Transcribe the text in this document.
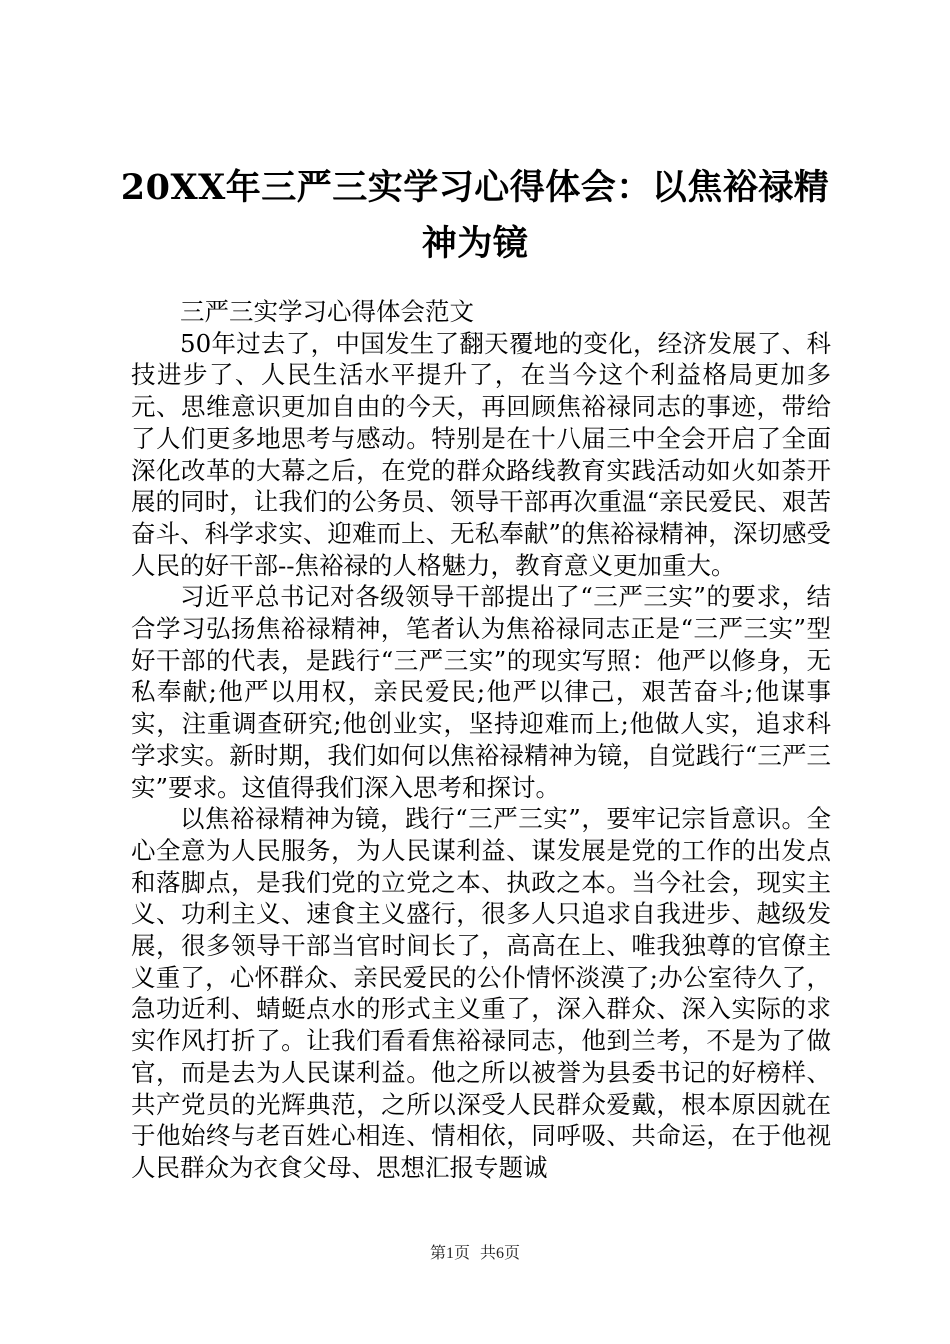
20XX年三严三实学习心得体会：以焦裕禄精神为镜

三严三实学习心得体会范文

50年过去了，中国发生了翻天覆地的变化，经济发展了、科技进步了、人民生活水平提升了，在当今这个利益格局更加多元、思维意识更加自由的今天，再回顾焦裕禄同志的事迹，带给了人们更多地思考与感动。特别是在十八届三中全会开启了全面深化改革的大幕之后，在党的群众路线教育实践活动如火如荼开展的同时，让我们的公务员、领导干部再次重温“亲民爱民、艰苦奋斗、科学求实、迎难而上、无私奉献”的焦裕禄精神，深切感受人民的好干部--焦裕禄的人格魅力，教育意义更加重大。

习近平总书记对各级领导干部提出了“三严三实”的要求，结合学习弘扬焦裕禄精神，笔者认为焦裕禄同志正是“三严三实”型好干部的代表，是践行“三严三实”的现实写照：他严以修身，无私奉献;他严以用权，亲民爱民;他严以律己，艰苦奋斗;他谋事实，注重调查研究;他创业实，坚持迎难而上;他做人实，追求科学求实。新时期，我们如何以焦裕禄精神为镜，自觉践行“三严三实”要求。这值得我们深入思考和探讨。

以焦裕禄精神为镜，践行“三严三实”，要牢记宗旨意识。全心全意为人民服务，为人民谋利益、谋发展是党的工作的出发点和落脚点，是我们党的立党之本、执政之本。当今社会，现实主义、功利主义、速食主义盛行，很多人只追求自我进步、越级发展，很多领导干部当官时间长了，高高在上、唯我独尊的官僚主义重了，心怀群众、亲民爱民的公仆情怀淡漠了;办公室待久了，急功近利、蜻蜓点水的形式主义重了，深入群众、深入实际的求实作风打折了。让我们看看焦裕禄同志，他到兰考，不是为了做官，而是去为人民谋利益。他之所以被誉为县委书记的好榜样、共产党员的光辉典范，之所以深受人民群众爱戴，根本原因就在于他始终与老百姓心相连、情相依，同呼吸、共命运，在于他视人民群众为衣食父母、思想汇报专题诚

第1页 共6页
